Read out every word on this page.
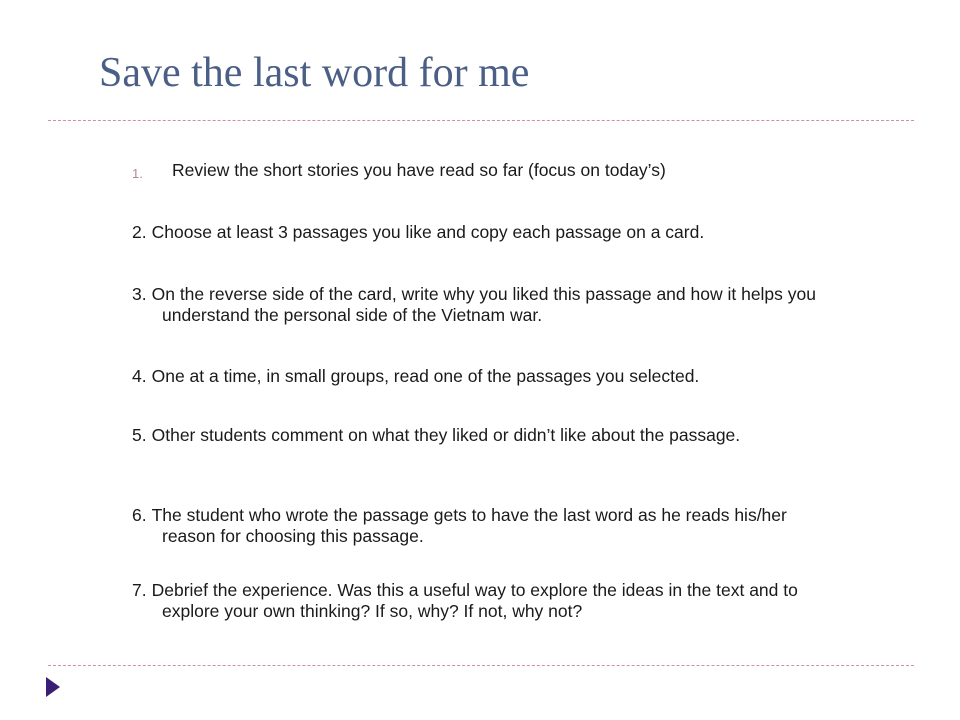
Save the last word for me
1. Review the short stories you have read so far (focus on today’s)
2. Choose at least 3 passages you like and copy each passage on a card.
3. On the reverse side of the card, write why you liked this passage and how it helps you understand the personal side of the Vietnam war.
4. One at a time, in small groups, read one of the passages you selected.
5. Other students comment on what they liked or didn’t like about the passage.
6. The student who wrote the passage gets to have the last word as he reads his/her reason for choosing this passage.
7. Debrief the experience. Was this a useful way to explore the ideas in the text and to explore your own thinking? If so, why? If not, why not?
